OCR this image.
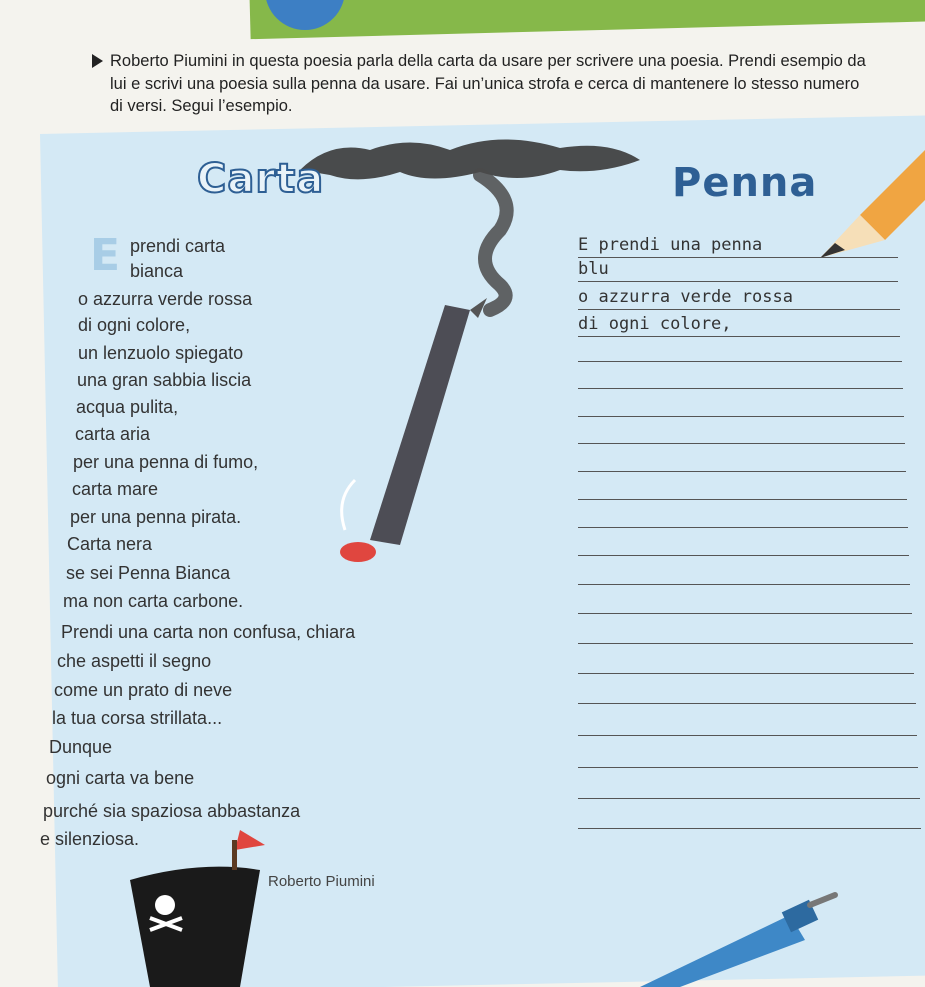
Roberto Piumini in questa poesia parla della carta da usare per scrivere una poesia. Prendi esempio da lui e scrivi una poesia sulla penna da usare. Fai un’unica strofa e cerca di mantenere lo stesso numero di versi. Segui l’esempio.
Carta	Penna
E prendi carta
bianca
o azzurra verde rossa
di ogni colore,
un lenzuolo spiegato
una gran sabbia liscia
acqua pulita,
carta aria
per una penna di fumo,
carta mare
per una penna pirata.
Carta nera
se sei Penna Bianca
ma non carta carbone.
Prendi una carta non confusa, chiara
che aspetti il segno
come un prato di neve
la tua corsa strillata...
Dunque
ogni carta va bene
purché sia spaziosa abbastanza
e silenziosa.
E prendi una penna
blu
o azzurra verde rossa
di ogni colore,
Roberto Piumini
